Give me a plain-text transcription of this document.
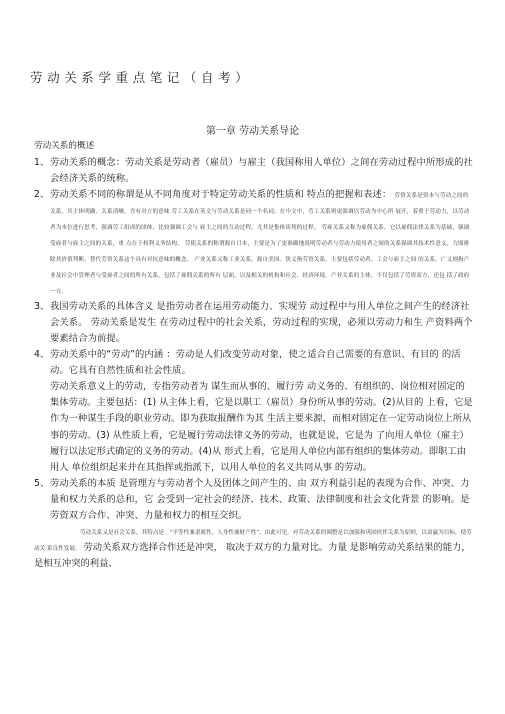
劳动关系学重点笔记（自考）
第一章 劳动关系导论
劳动关系的概述
1、 劳动关系的概念：劳动关系是劳动者（雇员）与雇主（我国称用人单位）之间在劳动过程中所形成的社会经济关系的统称。
2、 劳动关系不同的称谓是从不同角度对于特定劳动关系的性质和 特点的把握和表述： 劳资关系是资本与劳动之间的关系，其主体明确、关系清晰，含有对立的意味 劳工关系在英文与劳动关系是同一个名词。在中文中，劳工关系则更强调以劳动为中心所 展开，着重于劳动力，以劳动者为本位进行思考，强调劳工组成的团体，比较强调工会与 雇主之间的互动过程，尤其是集体谈判的过程。 劳雇关系又称为雇佣关系，它以雇佣法律关系为基础，强调受雇者与雇主之间的关系，重 点在于权利义务结构。 劳使关系的称谓源自日本，主要是为了更准确地说明劳动者与劳动力使用者之间的关系强调其技术性意义，力图排除其价值判断，替代劳资关系这个具有对抗意味的概念。 产业关系又称工业关系，源自美国。狭义指劳资关系，主要包括劳动者、工会与雇主之间 的关系。广义则指产业及社会中管理者与受雇者之间的所有关系，包括了雇佣关系的所有 层面，以及相关的机构和社会、经济环境。产业关系的主体，不仅包括了劳资双方，还包 括了政府一方。
3、 我国劳动关系的具体含义 是指劳动者在运用劳动能力、实现劳 动过程中与用人单位之间产生的经济社会关系。 劳动关系是发生 在劳动过程中的社会关系，劳动过程的实现，必须以劳动力和生 产资料两个要素结合为前提。
4、 劳动关系中的“劳动”的内涵 ：劳动是人们改变劳动对象，使之适合自己需要的有意识、有目的 的活动。它具有自然性质和社会性质。
劳动关系意义上的劳动，专指劳动者为 谋生而从事的、履行劳 动义务的、有组织的、岗位相对固定的集体劳动。主要包括：(1) 从主体上看，它是以职工（雇员）身份所从事的劳动。(2)从目的 上看，它是作为一种谋生手段的职业劳动。即为获取报酬作为其 生活主要来源，而相对固定在一定劳动岗位上所从事的劳动。(3) 从性质上看，它是履行劳动法律义务的劳动，也就是说，它是为 了向用人单位（雇主）履行以法定形式确定的义务的劳动。(4)从 形式上看，它是用人单位内部有组织的集体劳动。即职工由用人 单位组织起来并在其指挥或指派下，以用人单位的名义共同从事 的劳动。
5、 劳动关系的本质 是管理方与劳动者个人及团体之间产生的、由 双方利益引起的表现为合作、冲突、力量和权力关系的总和，它 会受到一定社会的经济、技术、政策、法律制度和社会文化背景 的影响。是劳资双方合作、冲突、力量和权力的相互交织。
劳动关系又是社会关系，其特点是：“平等性兼隶属性，人身性兼财产性”，由此可见，对劳动关系的调整是以加强和巩固伙伴关系为原则，以双赢为目标，使劳动关 系良性发展。 劳动关系双方选择合作还是冲突， 取决于双方的力量对比。力量 是影响劳动关系结果的能力，是相互冲突的利益、
